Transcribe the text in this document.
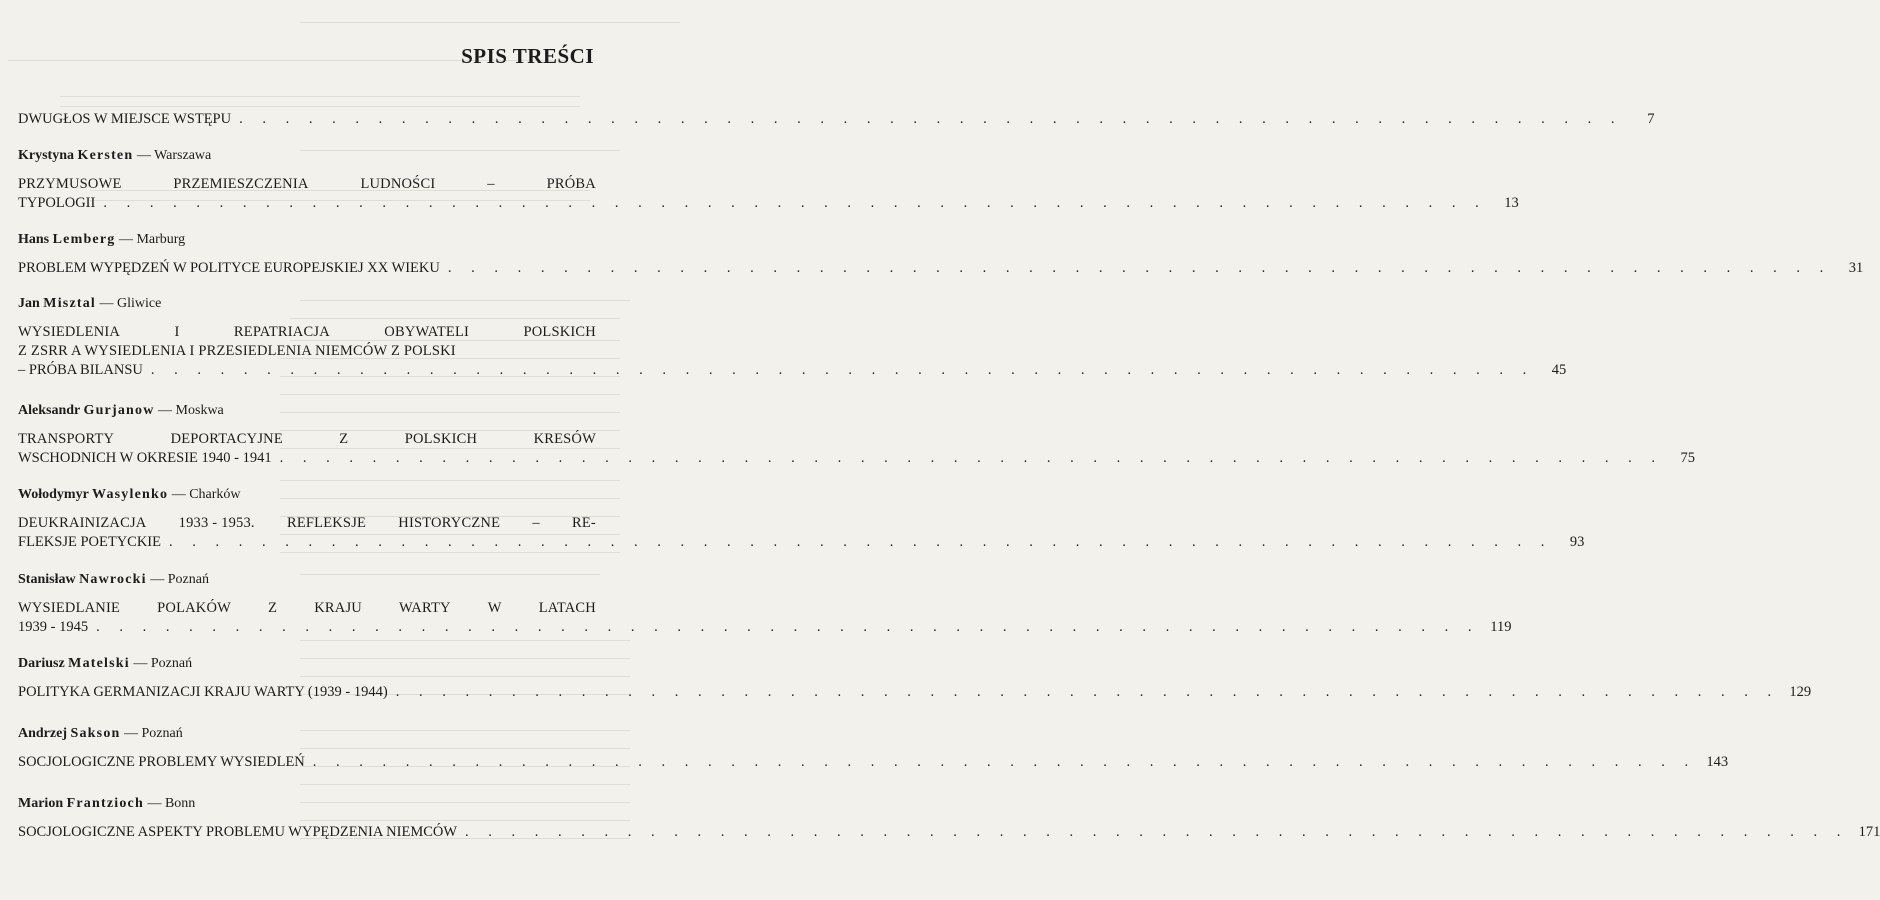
SPIS TREŚCI
DWUGŁOS W MIEJSCE WSTĘPU . . . . . . . . . . . . . . . . . . . . . . . . . . . . . . . . . . . . . . . . . . . . . . . . . . . . . . . . . . . .	7
Krystyna Kersten — Warszawa
PRZYMUSOWE	PRZEMIESZCZENIA	LUDNOŚCI	–	PRÓBA
TYPOLOGII . . . . . . . . . . . . . . . . . . . . . . . . . . . . . . . . . . . . . . . . . . . . . . . . . . . . . . . . . . . .	13
Hans Lemberg — Marburg
PROBLEM WYPĘDZEŃ W POLITYCE EUROPEJSKIEJ XX WIEKU . . . . . . . . . . . . . . . . . . . . . . . . . . . . . . . . . . . . . . . . . . . . . . . . . . . . . . . . . . . .	31
Jan Misztal — Gliwice
WYSIEDLENIA	I	REPATRIACJA	OBYWATELI	POLSKICH
Z ZSRR A WYSIEDLENIA I PRZESIEDLENIA NIEMCÓW Z POLSKI
– PRÓBA BILANSU . . . . . . . . . . . . . . . . . . . . . . . . . . . . . . . . . . . . . . . . . . . . . . . . . . . . . . . . . . . .	45
Aleksandr Gurjanow — Moskwa
TRANSPORTY	DEPORTACYJNE	Z	POLSKICH	KRESÓW
WSCHODNICH W OKRESIE 1940 - 1941 . . . . . . . . . . . . . . . . . . . . . . . . . . . . . . . . . . . . . . . . . . . . . . . . . . . . . . . . . . . .	75
Wołodymyr Wasylenko — Charków
DEUKRAINIZACJA 1933 - 1953. REFLEKSJE HISTORYCZNE – RE-
FLEKSJE POETYCKIE . . . . . . . . . . . . . . . . . . . . . . . . . . . . . . . . . . . . . . . . . . . . . . . . . . . . . . . . . . . .	93
Stanisław Nawrocki — Poznań
WYSIEDLANIE	POLAKÓW	Z	KRAJU	WARTY	W	LATACH
1939 - 1945 . . . . . . . . . . . . . . . . . . . . . . . . . . . . . . . . . . . . . . . . . . . . . . . . . . . . . . . . . . . . 119
Dariusz Matelski — Poznań
POLITYKA GERMANIZACJI KRAJU WARTY (1939 - 1944) . . . . . . . . . . . . . . . . . . . . . . . . . . . . . . . . . . . . . . . . . . . . . . . . . . . . . . . . . . . . 129
Andrzej Sakson — Poznań
SOCJOLOGICZNE PROBLEMY WYSIEDLEŃ . . . . . . . . . . . . . . . . . . . . . . . . . . . . . . . . . . . . . . . . . . . . . . . . . . . . . . . . . . . . 143
Marion Frantzioch — Bonn
SOCJOLOGICZNE ASPEKTY PROBLEMU WYPĘDZENIA NIEMCÓW . . . . . . . . . . . . . . . . . . . . . . . . . . . . . . . . . . . . . . . . . . . . . . . . . . . . . . . . . . . . 171
